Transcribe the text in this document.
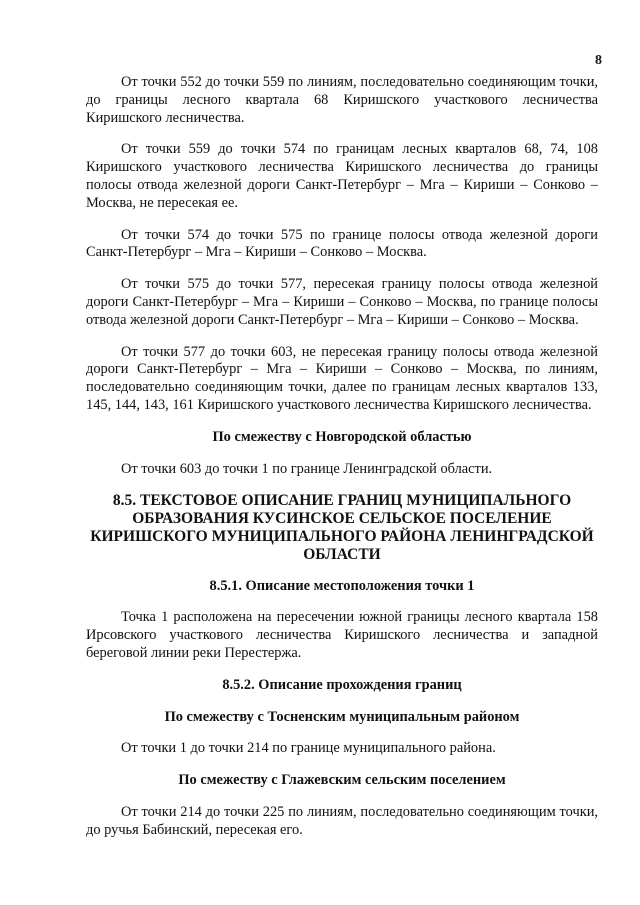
8

От точки 552 до точки 559 по линиям, последовательно соединяющим точки, до границы лесного квартала 68 Киришского участкового лесничества Киришского лесничества.

От точки 559 до точки 574 по границам лесных кварталов 68, 74, 108 Киришского участкового лесничества Киришского лесничества до границы полосы отвода железной дороги Санкт-Петербург – Мга – Кириши – Сонково – Москва, не пересекая ее.

От точки 574 до точки 575 по границе полосы отвода железной дороги Санкт-Петербург – Мга – Кириши – Сонково – Москва.

От точки 575 до точки 577, пересекая границу полосы отвода железной дороги Санкт-Петербург – Мга – Кириши – Сонково – Москва, по границе полосы отвода железной дороги Санкт-Петербург – Мга – Кириши – Сонково – Москва.

От точки 577 до точки 603, не пересекая границу полосы отвода железной дороги Санкт-Петербург – Мга – Кириши – Сонково – Москва, по линиям, последовательно соединяющим точки, далее по границам лесных кварталов 133, 145, 144, 143, 161 Киришского участкового лесничества Киришского лесничества.

По смежеству с Новгородской областью

От точки 603 до точки 1 по границе Ленинградской области.

8.5. ТЕКСТОВОЕ ОПИСАНИЕ ГРАНИЦ МУНИЦИПАЛЬНОГО ОБРАЗОВАНИЯ КУСИНСКОЕ СЕЛЬСКОЕ ПОСЕЛЕНИЕ КИРИШСКОГО МУНИЦИПАЛЬНОГО РАЙОНА ЛЕНИНГРАДСКОЙ ОБЛАСТИ
8.5.1. Описание местоположения точки 1

Точка 1 расположена на пересечении южной границы лесного квартала 158 Ирсовского участкового лесничества Киришского лесничества и западной береговой линии реки Перестержа.

8.5.2. Описание прохождения границ
По смежеству с Тосненским муниципальным районом

От точки 1 до точки 214 по границе муниципального района.

По смежеству с Глажевским сельским поселением

От точки 214 до точки 225 по линиям, последовательно соединяющим точки, до ручья Бабинский, пересекая его.
